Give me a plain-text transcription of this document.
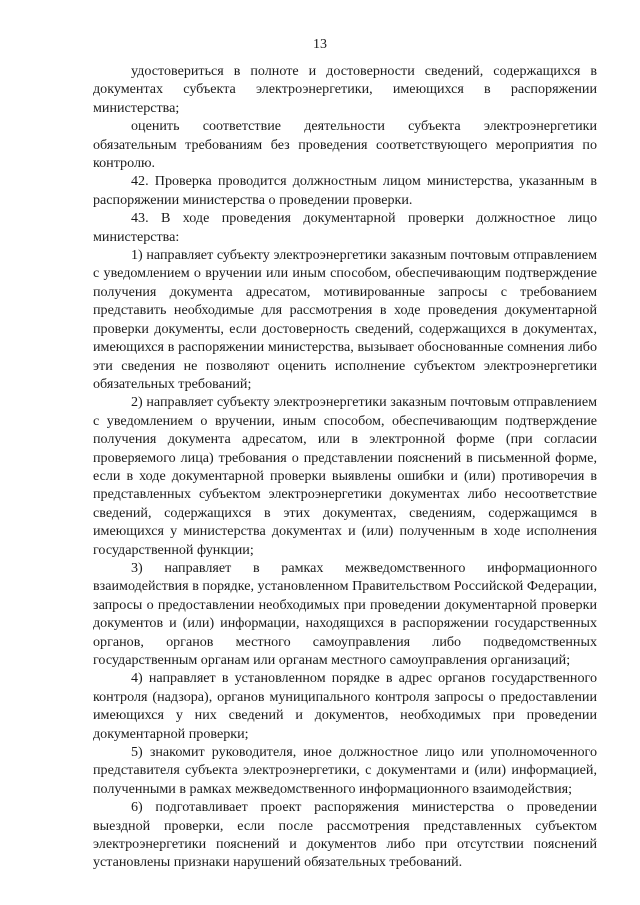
13

удостовериться в полноте и достоверности сведений, содержащихся в документах субъекта электроэнергетики, имеющихся в распоряжении министерства;

оценить соответствие деятельности субъекта электроэнергетики обязательным требованиям без проведения соответствующего мероприятия по контролю.

42. Проверка проводится должностным лицом министерства, указанным в распоряжении министерства о проведении проверки.

43. В ходе проведения документарной проверки должностное лицо министерства:

1) направляет субъекту электроэнергетики заказным почтовым отправлением с уведомлением о вручении или иным способом, обеспечивающим подтверждение получения документа адресатом, мотивированные запросы с требованием представить необходимые для рассмотрения в ходе проведения документарной проверки документы, если достоверность сведений, содержащихся в документах, имеющихся в распоряжении министерства, вызывает обоснованные сомнения либо эти сведения не позволяют оценить исполнение субъектом электроэнергетики обязательных требований;

2) направляет субъекту электроэнергетики заказным почтовым отправлением с уведомлением о вручении, иным способом, обеспечивающим подтверждение получения документа адресатом, или в электронной форме (при согласии проверяемого лица) требования о представлении пояснений в письменной форме, если в ходе документарной проверки выявлены ошибки и (или) противоречия в представленных субъектом электроэнергетики документах либо несоответствие сведений, содержащихся в этих документах, сведениям, содержащимся в имеющихся у министерства документах и (или) полученным в ходе исполнения государственной функции;

3) направляет в рамках межведомственного информационного взаимодействия в порядке, установленном Правительством Российской Федерации, запросы о предоставлении необходимых при проведении документарной проверки документов и (или) информации, находящихся в распоряжении государственных органов, органов местного самоуправления либо подведомственных государственным органам или органам местного самоуправления организаций;

4) направляет в установленном порядке в адрес органов государственного контроля (надзора), органов муниципального контроля запросы о предоставлении имеющихся у них сведений и документов, необходимых при проведении документарной проверки;

5) знакомит руководителя, иное должностное лицо или уполномоченного представителя субъекта электроэнергетики, с документами и (или) информацией, полученными в рамках межведомственного информационного взаимодействия;

6) подготавливает проект распоряжения министерства о проведении выездной проверки, если после рассмотрения представленных субъектом электроэнергетики пояснений и документов либо при отсутствии пояснений установлены признаки нарушений обязательных требований.
